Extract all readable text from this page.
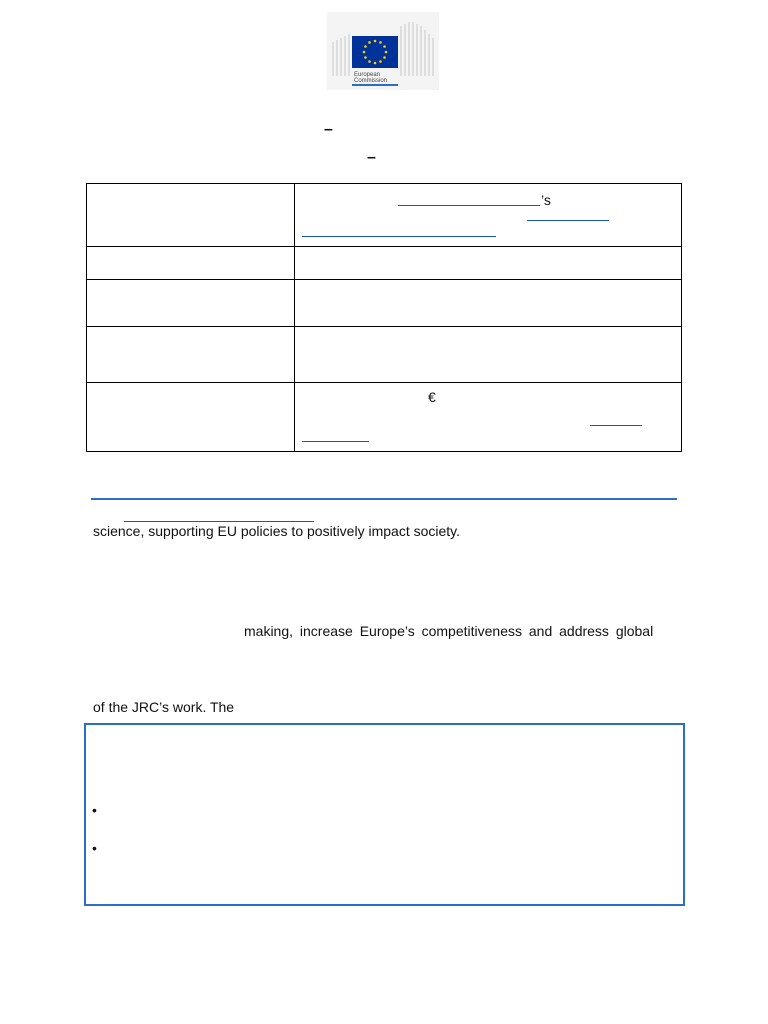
European
Commission
–
–

	’s

	€
science, supporting EU policies to positively impact society.
making, increase Europe’s competitiveness and address global
of the JRC’s work. The
•
•
